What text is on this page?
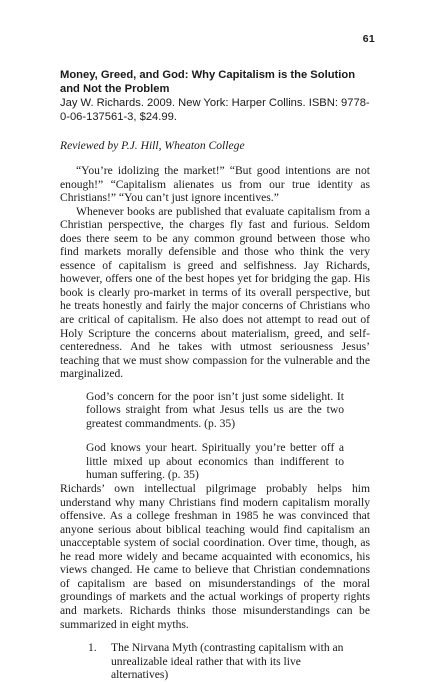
61
Money, Greed, and God: Why Capitalism is the Solution and Not the Problem
Jay W. Richards. 2009. New York: Harper Collins. ISBN: 9778-0-06-137561-3, $24.99.
Reviewed by P.J. Hill, Wheaton College

“You’re idolizing the market!” “But good intentions are not enough!” “Capitalism alienates us from our true identity as Christians!” “You can’t just ignore incentives.”

Whenever books are published that evaluate capitalism from a Christian perspective, the charges fly fast and furious. Seldom does there seem to be any common ground between those who find markets morally defensible and those who think the very essence of capitalism is greed and selfishness. Jay Richards, however, offers one of the best hopes yet for bridging the gap. His book is clearly pro-market in terms of its overall perspective, but he treats honestly and fairly the major concerns of Christians who are critical of capitalism. He also does not attempt to read out of Holy Scripture the concerns about materialism, greed, and self-centeredness. And he takes with utmost seriousness Jesus’ teaching that we must show compassion for the vulnerable and the marginalized.

God’s concern for the poor isn’t just some sidelight. It follows straight from what Jesus tells us are the two greatest commandments. (p. 35)
God knows your heart. Spiritually you’re better off a little mixed up about economics than indifferent to human suffering. (p. 35)

Richards’ own intellectual pilgrimage probably helps him understand why many Christians find modern capitalism morally offensive. As a college freshman in 1985 he was convinced that anyone serious about biblical teaching would find capitalism an unacceptable system of social coordination. Over time, though, as he read more widely and became acquainted with economics, his views changed. He came to believe that Christian condemnations of capitalism are based on misunderstandings of the moral groundings of markets and the actual workings of property rights and markets. Richards thinks those misunderstandings can be summarized in eight myths.

1. The Nirvana Myth (contrasting capitalism with an unrealizable ideal rather that with its live alternatives)
